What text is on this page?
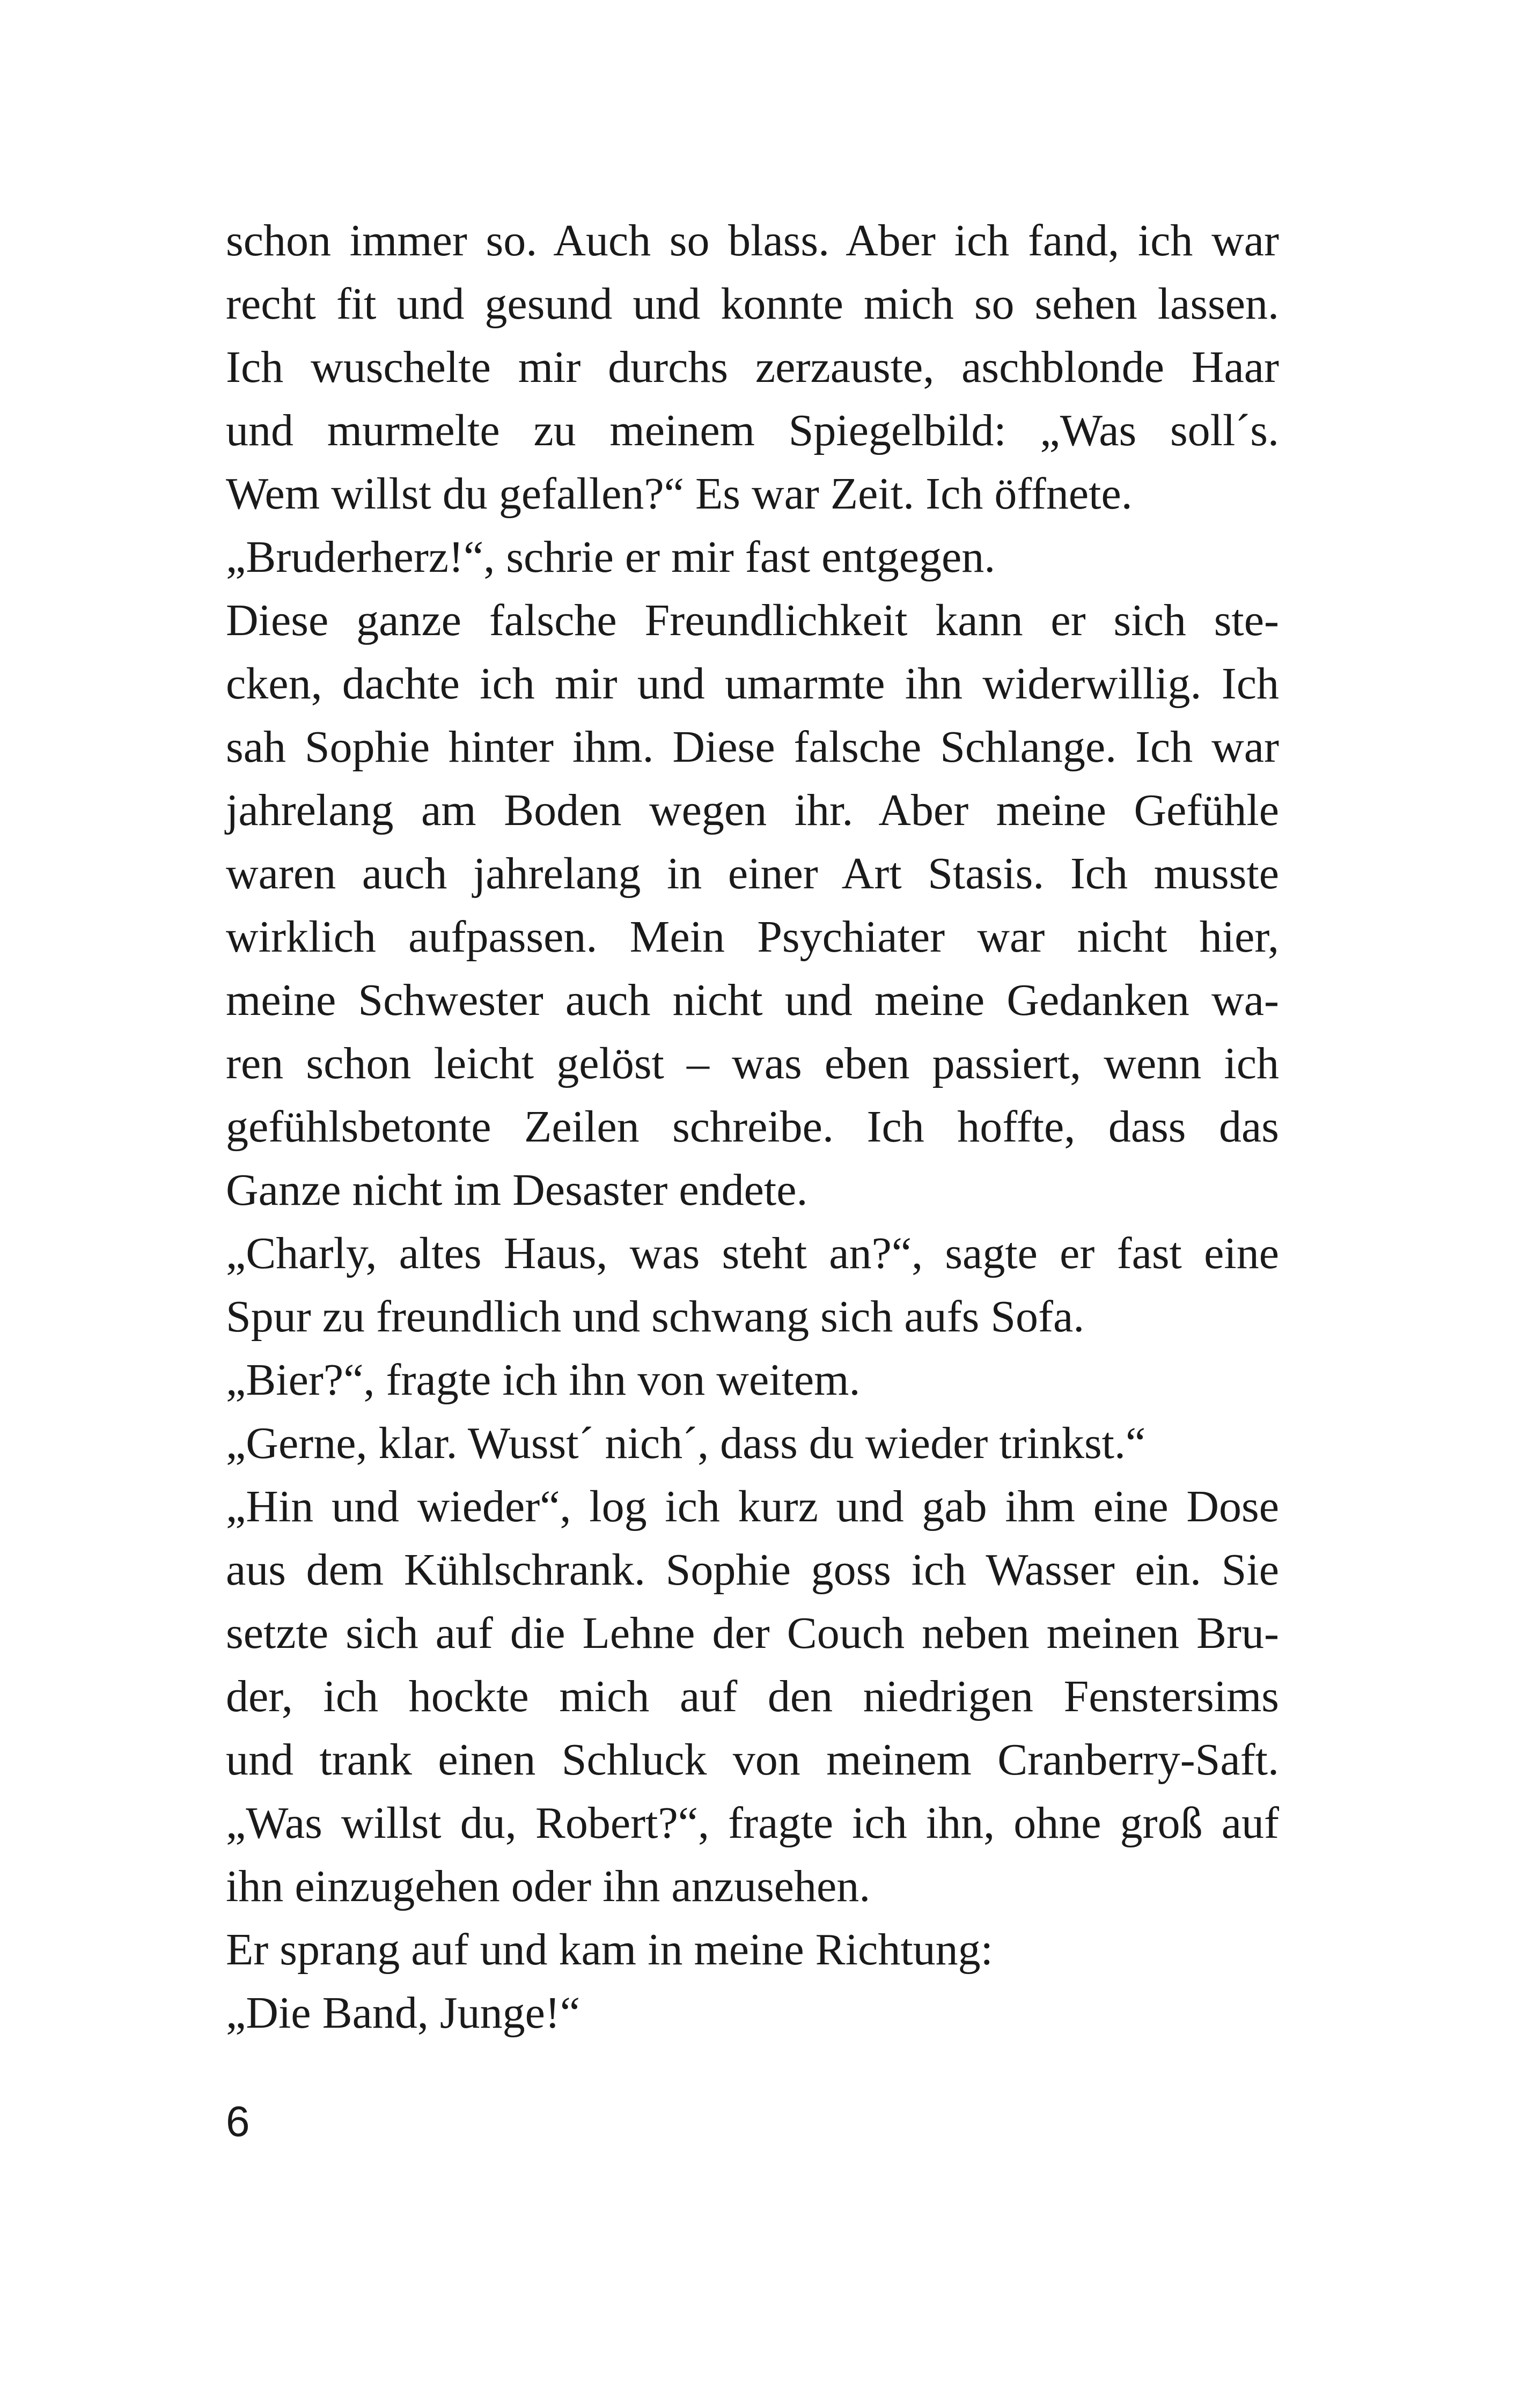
schon immer so. Auch so blass. Aber ich fand, ich war
recht fit und gesund und konnte mich so sehen lassen.
Ich wuschelte mir durchs zerzauste, aschblonde Haar
und murmelte zu meinem Spiegelbild: „Was soll´s.
Wem willst du gefallen?“ Es war Zeit. Ich öffnete.
„Bruderherz!“, schrie er mir fast entgegen.
Diese ganze falsche Freundlichkeit kann er sich ste-
cken, dachte ich mir und umarmte ihn widerwillig. Ich
sah Sophie hinter ihm. Diese falsche Schlange. Ich war
jahrelang am Boden wegen ihr. Aber meine Gefühle
waren auch jahrelang in einer Art Stasis. Ich musste
wirklich aufpassen. Mein Psychiater war nicht hier,
meine Schwester auch nicht und meine Gedanken wa-
ren schon leicht gelöst – was eben passiert, wenn ich
gefühlsbetonte Zeilen schreibe. Ich hoffte, dass das
Ganze nicht im Desaster endete.
„Charly, altes Haus, was steht an?“, sagte er fast eine
Spur zu freundlich und schwang sich aufs Sofa.
„Bier?“, fragte ich ihn von weitem.
„Gerne, klar. Wusst´ nich´, dass du wieder trinkst.“
„Hin und wieder“, log ich kurz und gab ihm eine Dose
aus dem Kühlschrank. Sophie goss ich Wasser ein. Sie
setzte sich auf die Lehne der Couch neben meinen Bru-
der, ich hockte mich auf den niedrigen Fenstersims
und trank einen Schluck von meinem Cranberry-Saft.
„Was willst du, Robert?“, fragte ich ihn, ohne groß auf
ihn einzugehen oder ihn anzusehen.
Er sprang auf und kam in meine Richtung:
„Die Band, Junge!“
6
